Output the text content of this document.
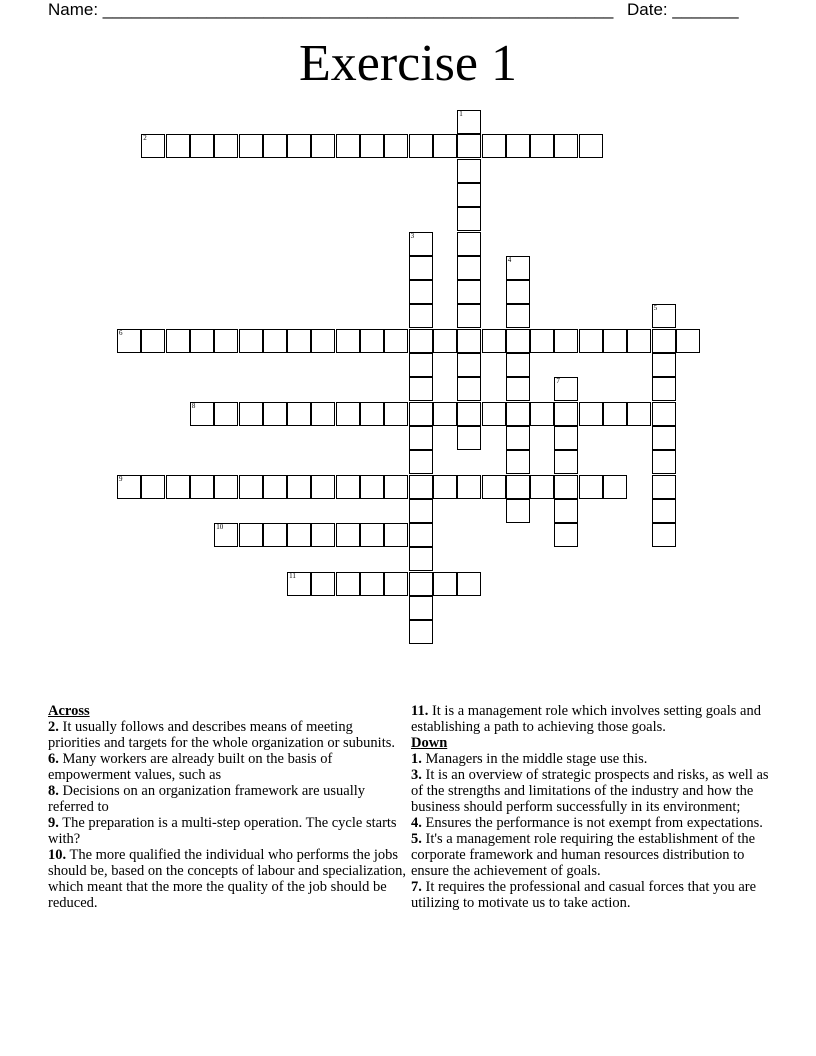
Name: ______________________________________________________ Date: _______
Exercise 1
1
2
3
4
5
6
7
8
9
10
11
Across
2. It usually follows and describes means of meeting priorities and targets for the whole organization or subunits.
6. Many workers are already built on the basis of empowerment values, such as
8. Decisions on an organization framework are usually referred to
9. The preparation is a multi-step operation. The cycle starts with?
10. The more qualified the individual who performs the jobs should be, based on the concepts of labour and specialization, which meant that the more the quality of the job should be reduced.
11. It is a management role which involves setting goals and establishing a path to achieving those goals.
Down
1. Managers in the middle stage use this.
3. It is an overview of strategic prospects and risks, as well as of the strengths and limitations of the industry and how the business should perform successfully in its environment;
4. Ensures the performance is not exempt from expectations.
5. It's a management role requiring the establishment of the corporate framework and human resources distribution to ensure the achievement of goals.
7. It requires the professional and casual forces that you are utilizing to motivate us to take action.
